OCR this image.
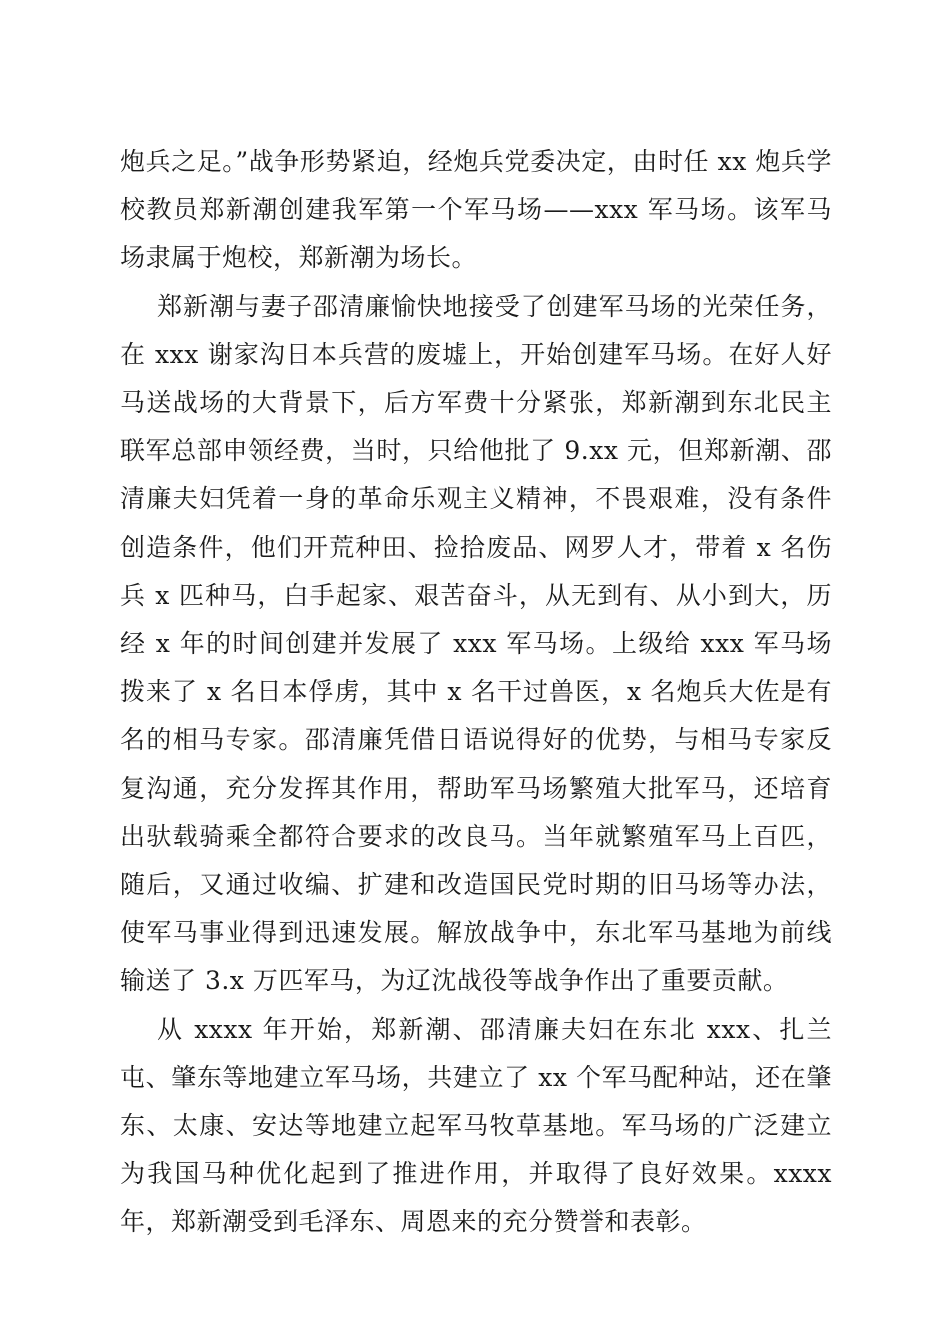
炮兵之足。”战争形势紧迫，经炮兵党委决定，由时任 xx 炮兵学校教员郑新潮创建我军第一个军马场——xxx 军马场。该军马场隶属于炮校，郑新潮为场长。

郑新潮与妻子邵清廉愉快地接受了创建军马场的光荣任务，在 xxx 谢家沟日本兵营的废墟上，开始创建军马场。在好人好马送战场的大背景下，后方军费十分紧张，郑新潮到东北民主联军总部申领经费，当时，只给他批了 9.xx 元，但郑新潮、邵清廉夫妇凭着一身的革命乐观主义精神，不畏艰难，没有条件创造条件，他们开荒种田、捡拾废品、网罗人才，带着 x 名伤兵 x 匹种马，白手起家、艰苦奋斗，从无到有、从小到大，历经 x 年的时间创建并发展了 xxx 军马场。上级给 xxx 军马场拨来了 x 名日本俘虏，其中 x 名干过兽医，x 名炮兵大佐是有名的相马专家。邵清廉凭借日语说得好的优势，与相马专家反复沟通，充分发挥其作用，帮助军马场繁殖大批军马，还培育出驮载骑乘全都符合要求的改良马。当年就繁殖军马上百匹，随后，又通过收编、扩建和改造国民党时期的旧马场等办法，使军马事业得到迅速发展。解放战争中，东北军马基地为前线输送了 3.x 万匹军马，为辽沈战役等战争作出了重要贡献。

从 xxxx 年开始，郑新潮、邵清廉夫妇在东北 xxx、扎兰屯、肇东等地建立军马场，共建立了 xx 个军马配种站，还在肇东、太康、安达等地建立起军马牧草基地。军马场的广泛建立为我国马种优化起到了推进作用，并取得了良好效果。xxxx 年，郑新潮受到毛泽东、周恩来的充分赞誉和表彰。
